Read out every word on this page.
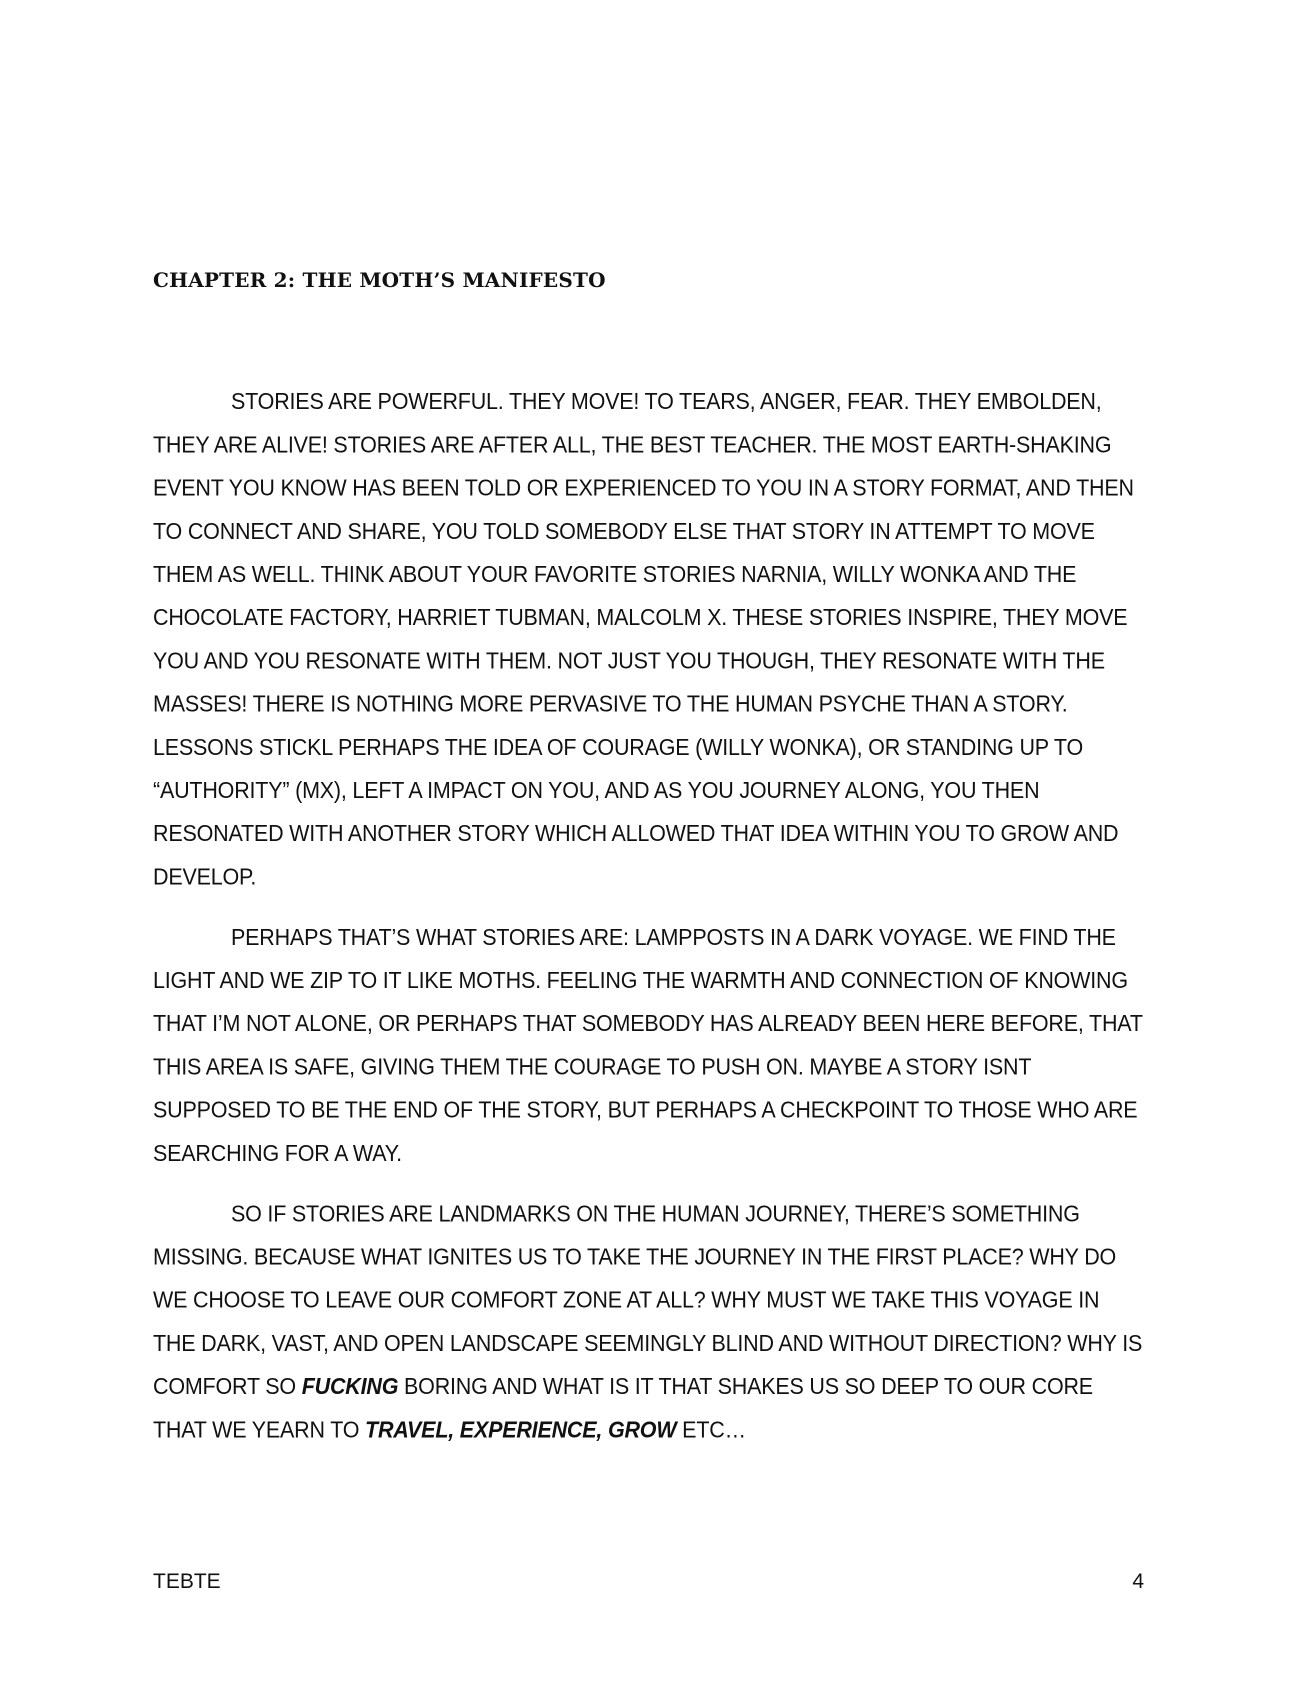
CHAPTER 2: THE MOTH’S MANIFESTO

STORIES ARE POWERFUL. THEY MOVE! TO TEARS, ANGER, FEAR. THEY EMBOLDEN, THEY ARE ALIVE! STORIES ARE AFTER ALL, THE BEST TEACHER. THE MOST EARTH-SHAKING EVENT YOU KNOW HAS BEEN TOLD OR EXPERIENCED TO YOU IN A STORY FORMAT, AND THEN TO CONNECT AND SHARE, YOU TOLD SOMEBODY ELSE THAT STORY IN ATTEMPT TO MOVE THEM AS WELL. THINK ABOUT YOUR FAVORITE STORIES NARNIA, WILLY WONKA AND THE CHOCOLATE FACTORY, HARRIET TUBMAN, MALCOLM X. THESE STORIES INSPIRE, THEY MOVE YOU AND YOU RESONATE WITH THEM. NOT JUST YOU THOUGH, THEY RESONATE WITH THE MASSES! THERE IS NOTHING MORE PERVASIVE TO THE HUMAN PSYCHE THAN A STORY. LESSONS STICKL PERHAPS THE IDEA OF COURAGE (WILLY WONKA), OR STANDING UP TO “AUTHORITY” (MX), LEFT A IMPACT ON YOU, AND AS YOU JOURNEY ALONG, YOU THEN RESONATED WITH ANOTHER STORY WHICH ALLOWED THAT IDEA WITHIN YOU TO GROW AND DEVELOP.

PERHAPS THAT’S WHAT STORIES ARE: LAMPPOSTS IN A DARK VOYAGE. WE FIND THE LIGHT AND WE ZIP TO IT LIKE MOTHS. FEELING THE WARMTH AND CONNECTION OF KNOWING THAT I’M NOT ALONE, OR PERHAPS THAT SOMEBODY HAS ALREADY BEEN HERE BEFORE, THAT THIS AREA IS SAFE, GIVING THEM THE COURAGE TO PUSH ON. MAYBE A STORY ISNT SUPPOSED TO BE THE END OF THE STORY, BUT PERHAPS A CHECKPOINT TO THOSE WHO ARE SEARCHING FOR A WAY.

SO IF STORIES ARE LANDMARKS ON THE HUMAN JOURNEY, THERE’S SOMETHING MISSING. BECAUSE WHAT IGNITES US TO TAKE THE JOURNEY IN THE FIRST PLACE? WHY DO WE CHOOSE TO LEAVE OUR COMFORT ZONE AT ALL? WHY MUST WE TAKE THIS VOYAGE IN THE DARK, VAST, AND OPEN LANDSCAPE SEEMINGLY BLIND AND WITHOUT DIRECTION? WHY IS COMFORT SO FUCKING BORING AND WHAT IS IT THAT SHAKES US SO DEEP TO OUR CORE THAT WE YEARN TO TRAVEL, EXPERIENCE, GROW ETC…

TEBTE	4
